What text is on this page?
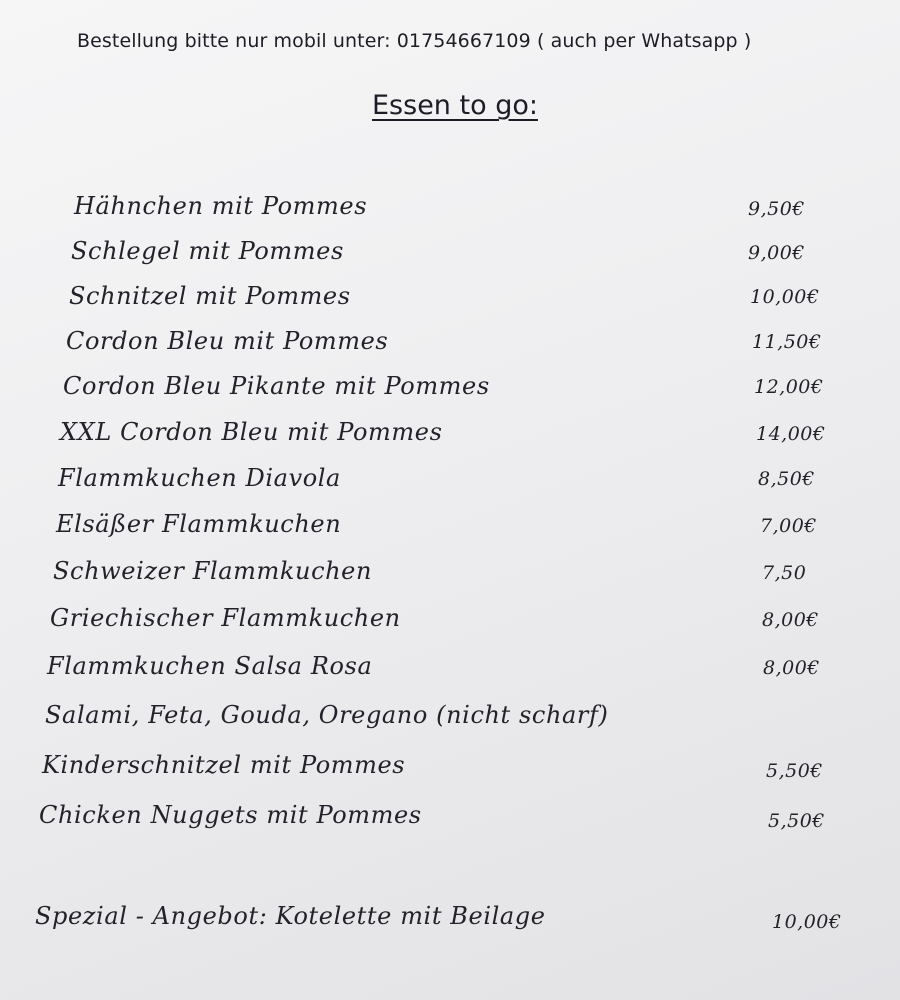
Bestellung bitte nur mobil unter: 01754667109 ( auch per Whatsapp )
Essen to go:
Hähnchen mit Pommes	9,50€
Schlegel mit Pommes	9,00€
Schnitzel mit Pommes	10,00€
Cordon Bleu mit Pommes	11,50€
Cordon Bleu Pikante mit Pommes	12,00€
XXL Cordon Bleu mit Pommes	14,00€
Flammkuchen Diavola	8,50€
Elsäßer Flammkuchen	7,00€
Schweizer Flammkuchen	7,50
Griechischer Flammkuchen	8,00€
Flammkuchen Salsa Rosa	8,00€
Salami, Feta, Gouda, Oregano (nicht scharf)
Kinderschnitzel mit Pommes	5,50€
Chicken Nuggets mit Pommes	5,50€
Spezial - Angebot: Kotelette mit Beilage	10,00€
